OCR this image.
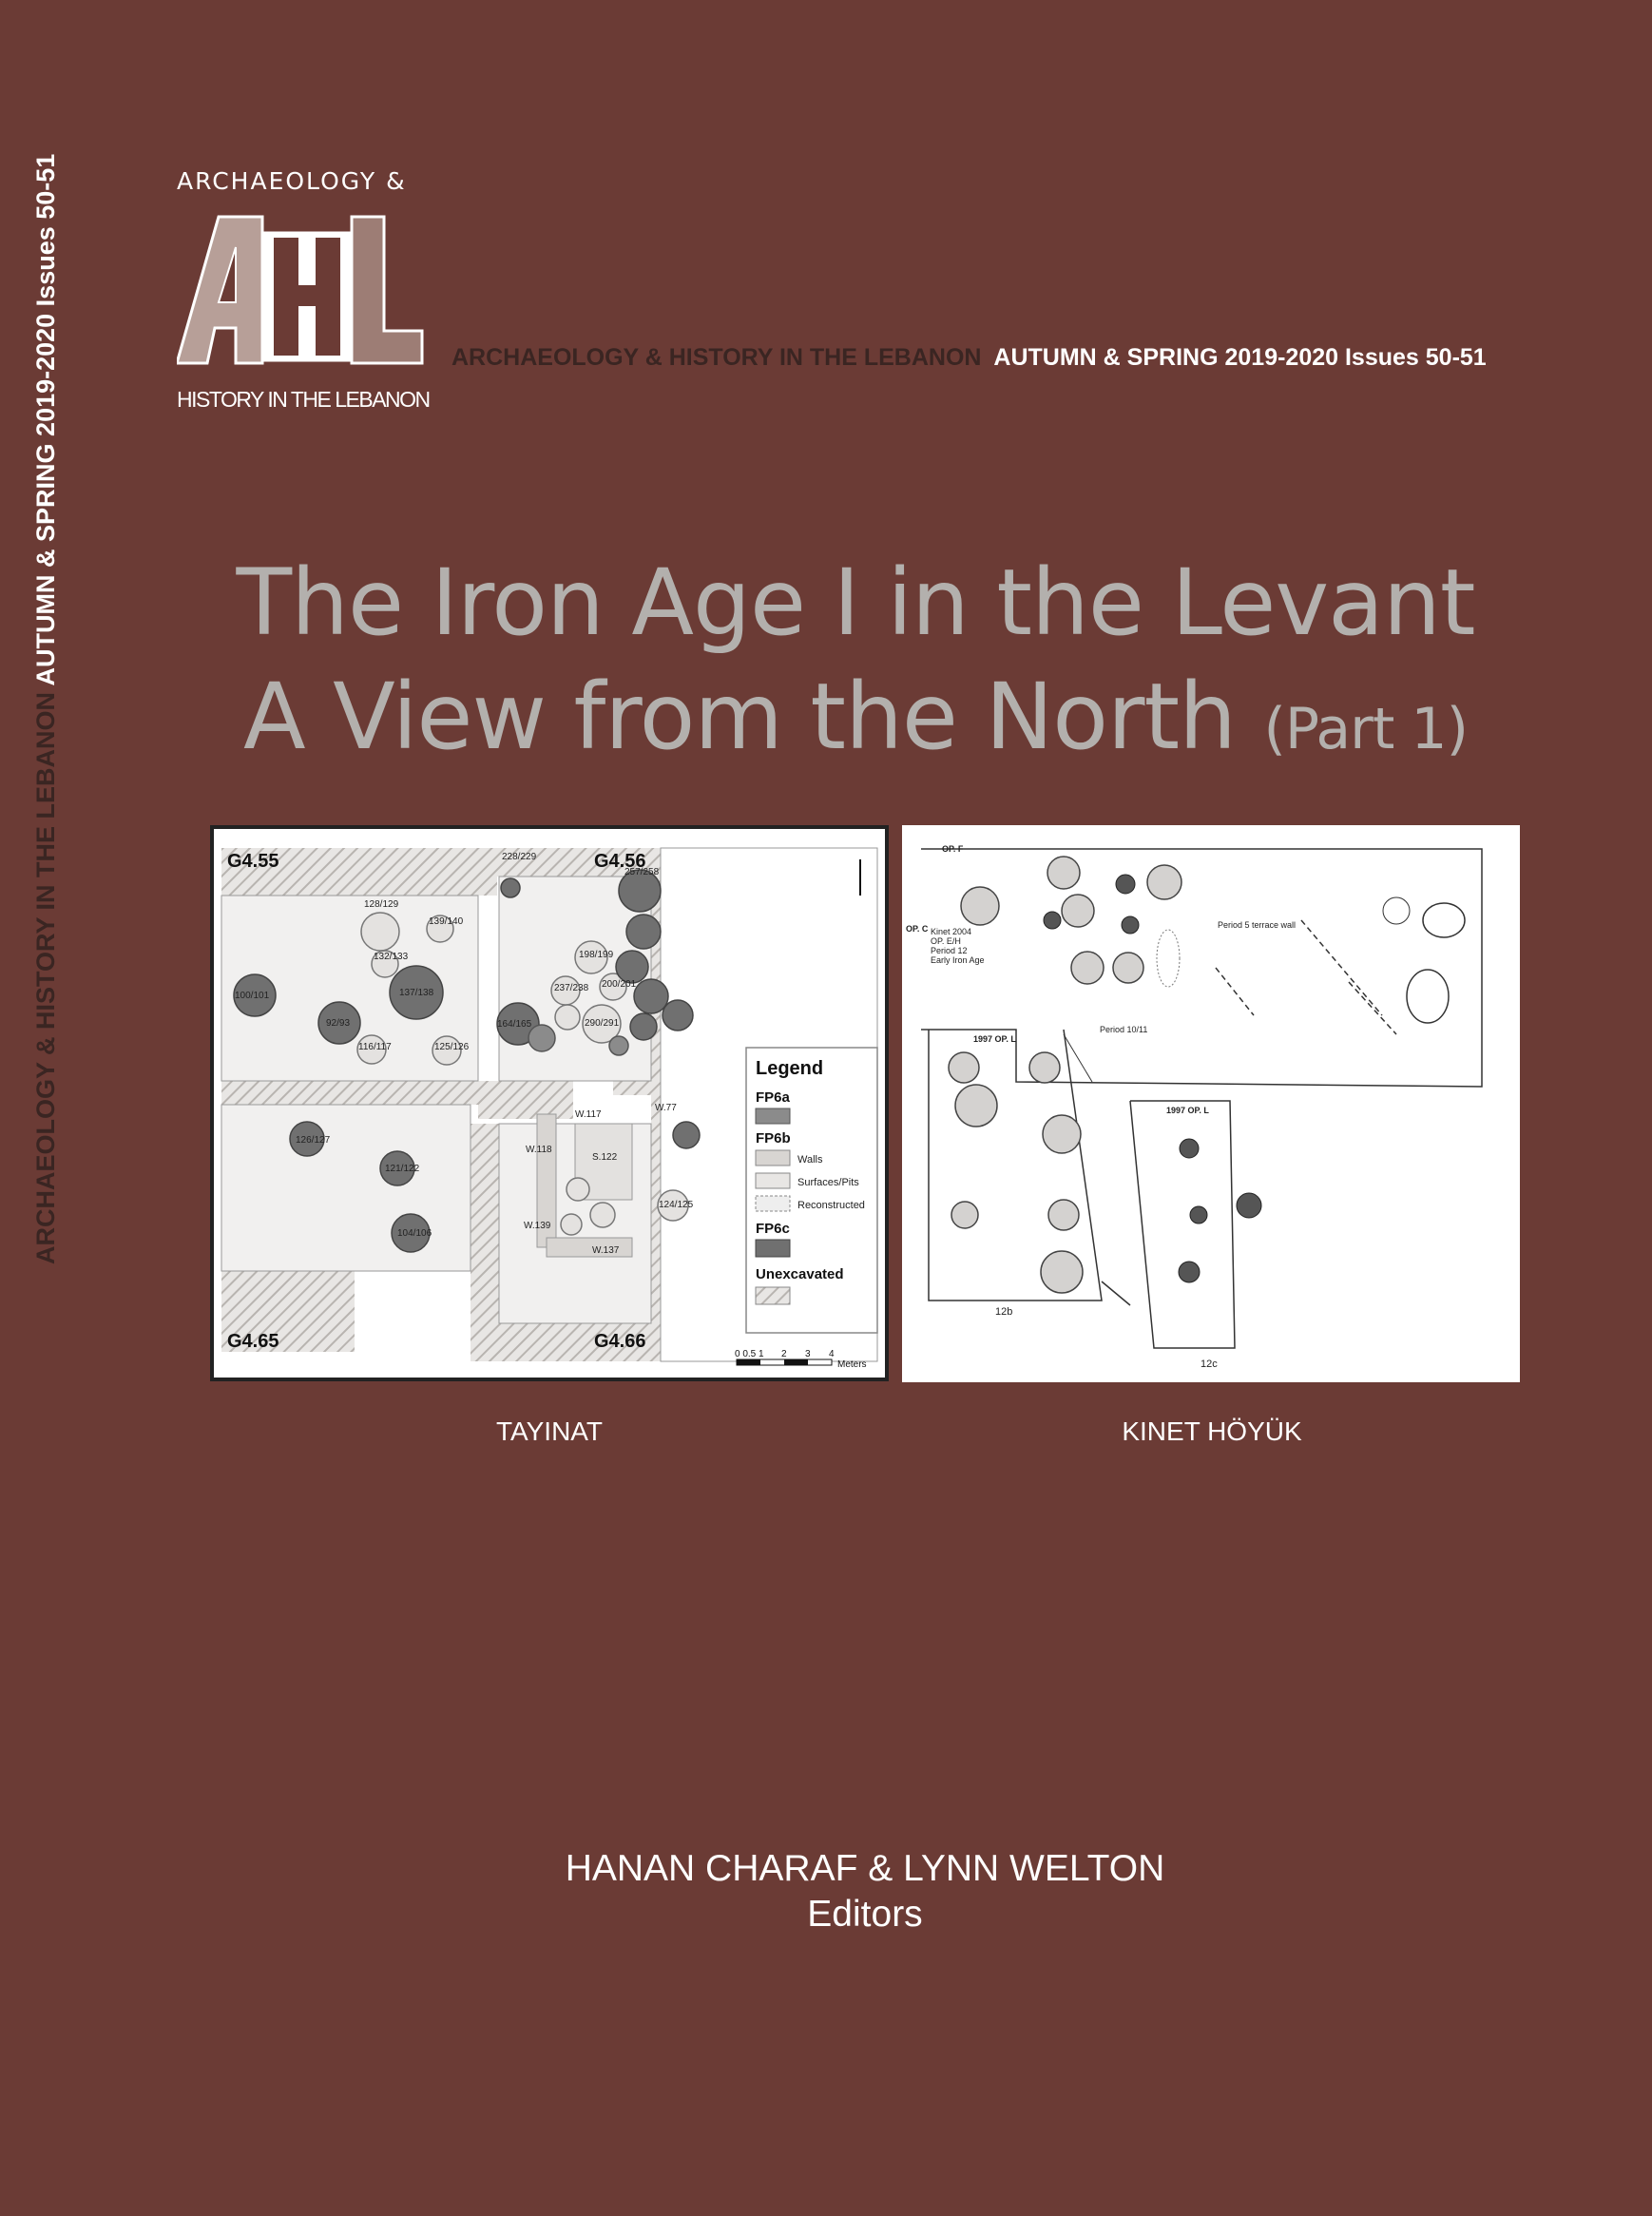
ARCHAEOLOGY & HISTORY IN THE LEBANON AUTUMN & SPRING 2019-2020 Issues 50-51	ARCHAEOLOGY &
HISTORY IN THE LEBANON
ARCHAEOLOGY & HISTORY IN THE LEBANON AUTUMN & SPRING 2019-2020 Issues 50-51
The Iron Age I in the Levant
A View from the North (Part 1)
G4.55	G4.56
G4.65	G4.66
128/129
139/140
132/133
100/101	137/138
92/93
116/117	125/126
228/229
257/258
198/199
237/238 200/201
164/165	290/291
W.117
S.122
W.118
W.139
W.137
126/127
121/122
104/106
124/125
W.77
Legend
FP6a
FP6b
Walls
Surfaces/Pits
Reconstructed
FP6c
Unexcavated
0 0.5 1 2 3 4
Meters
OP. F
OP. C Kinet 2004
OP. E/H
Period 12
Early Iron Age
1997 OP. L
1997 OP. L
12b
12c
Period 5 terrace wall
Period 10/11
TAYINAT	KINET HÖYÜK
HANAN CHARAF & LYNN WELTON
Editors
